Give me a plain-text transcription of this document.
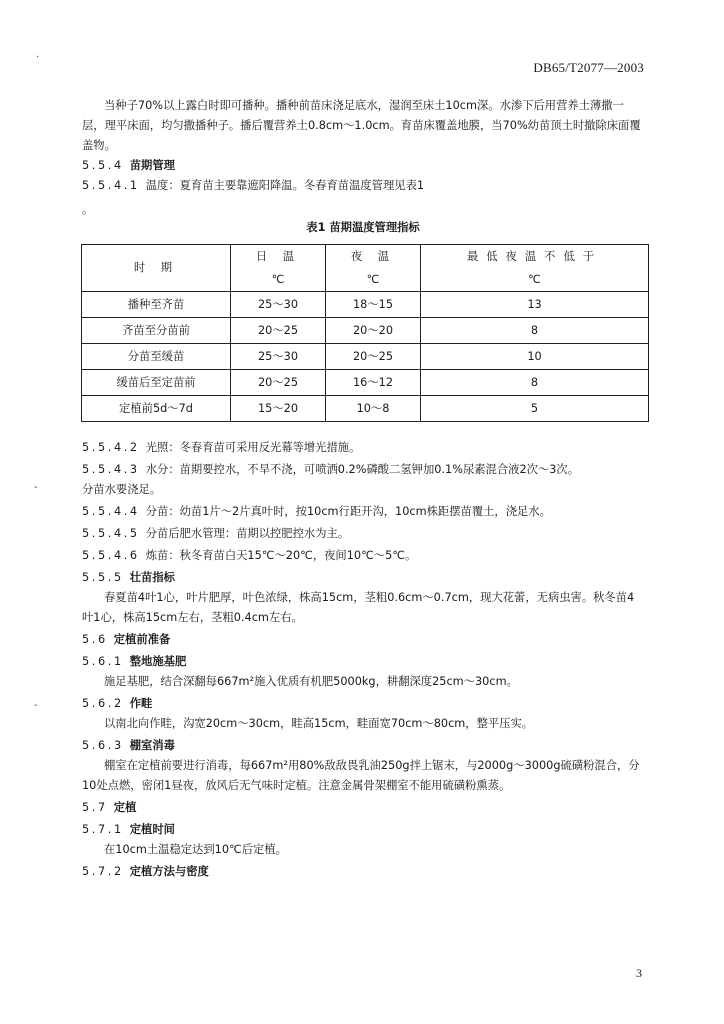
DB65/T2077—2003

当种子70%以上露白时即可播种。播种前苗床浇足底水，湿润至床土10cm深。水渗下后用营养土薄撒一层，理平床面，均匀撒播种子。播后覆营养土0.8cm～1.0cm。育苗床覆盖地膜，当70%幼苗顶土时撤除床面覆盖物。

5.5.4 苗期管理
5.5.4.1 温度：夏育苗主要靠遮阳降温。冬春育苗温度管理见表1
。
表1 苗期温度管理指标
时 期	日 温	夜 温	最低夜温不低于
	℃	℃	℃
播种至齐苗	25～30	18～15	13
齐苗至分苗前	20～25	20～20	8
分苗至缓苗	25～30	20～25	10
缓苗后至定苗前	20～25	16～12	8
定植前5d～7d	15～20	10～8	5
5.5.4.2 光照：冬春育苗可采用反光幕等增光措施。
5.5.4.3 水分：苗期要控水，不旱不浇，可喷洒0.2%磷酸二氢钾加0.1%尿素混合液2次～3次。
分苗水要浇足。
5.5.4.4 分苗：幼苗1片～2片真叶时，按10cm行距开沟，10cm株距摆苗覆土，浇足水。
5.5.4.5 分苗后肥水管理：苗期以控肥控水为主。
5.5.4.6 炼苗：秋冬育苗白天15℃～20℃，夜间10℃～5℃。
5.5.5 壮苗指标

春夏苗4叶1心，叶片肥厚，叶色浓绿，株高15cm，茎粗0.6cm～0.7cm，现大花蕾，无病虫害。秋冬苗4叶1心，株高15cm左右，茎粗0.4cm左右。

5.6 定植前准备
5.6.1 整地施基肥

施足基肥，结合深翻每667m²施入优质有机肥5000kg，耕翻深度25cm～30cm。

5.6.2 作畦

以南北向作畦，沟宽20cm～30cm，畦高15cm，畦面宽70cm～80cm，整平压实。

5.6.3 棚室消毒

棚室在定植前要进行消毒，每667m²用80%敌敌畏乳油250g拌上锯末，与2000g～3000g硫磺粉混合，分10处点燃，密闭1昼夜，放风后无气味时定植。注意金属骨架棚室不能用硫磺粉熏蒸。

5.7 定植
5.7.1 定植时间

在10cm土温稳定达到10℃后定植。

5.7.2 定植方法与密度
3
·
-
-
